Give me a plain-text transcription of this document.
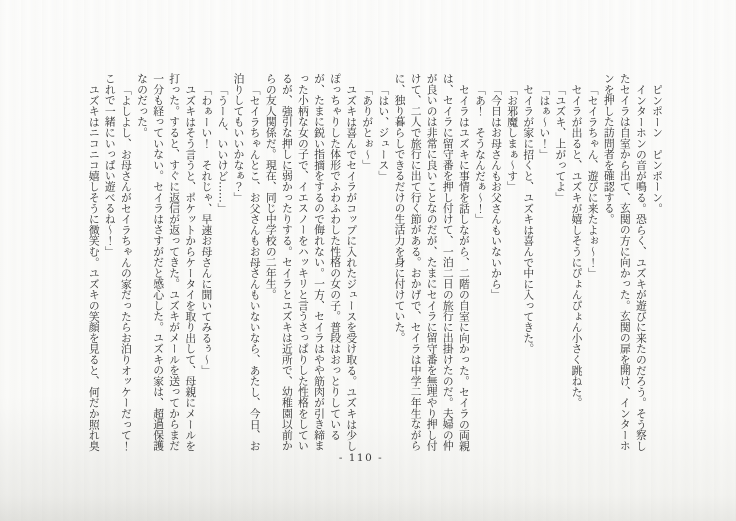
ピンポーン　ピンポーン。

インターホンの音が鳴る。恐らく、ユズキが遊びに来たのだろう。そう察したセイラは自室から出て、玄関の方に向かった。玄関の扉を開け、インターホンを押した訪問者を確認する。

「セイラちゃん、遊びに来たよぉ～！」

セイラが出ると、ユズキが嬉しそうにぴょんぴょん小さく跳ねた。

「ユズキ、上がってよ」

「はぁ～い！」

セイラが家に招くと、ユズキは喜んで中に入ってきた。

「お邪魔しまぁ～す」

「今日はお母さんもお父さんもいないから」

「あ！　そうなんだぁ～！」

セイラはユズキに事情を話しながら、二階の自室に向かった。セイラの両親は、セイラに留守番を押し付けて、一泊二日の旅行に出掛けたのだ。夫婦の仲が良いのは非常に良いことなのだが、たまにセイラに留守番を無理やり押し付けて、二人で旅行に出て行く節がある。おかげで、セイラは中学二年生ながらに、独り暮らしできるだけの生活力を身に付けていた。

「はい、ジュース」

「ありがとぉ～」

ユズキは喜んでセイラがコップに入れたジュースを受け取る。ユズキは少しぽっちゃりした体形でふわふわした性格の女の子。普段はおっとりしているが、たまに鋭い指摘をするので侮れない。一方、セイラはやや筋肉が引き締まった小柄な女の子で、イエスノーをハッキリと言うさっぱりした性格をしているが、強引な押しに弱かったりする。セイラとユズキは近所で、幼稚園以前からの友人関係だ。現在、同じ中学校の二年生。

「セイラちゃんとこ、お父さんもお母さんもいないなら、あたし、今日、お泊りしてもいいかなぁ？」

「うーん、いいけど……」

「わぁーい！　それじゃ、早速お母さんに聞いてみるぅ～」

ユズキはそう言うと、ポケットからケータイを取り出して、母親にメールを打った。すると、すぐに返信が返ってきた。ユズキがメールを送ってからまだ一分も経っていない。セイラはさすがだと感心した。ユズキの家は、超過保護なのだった。

「よしよし、お母さんがセイラちゃんの家だったらお泊りオッケーだって！これで一緒にいっぱい遊べるね～！」

ユズキはニコニコ嬉しそうに微笑む。ユズキの笑顔を見ると、何だか照れ臭

- 110 -
